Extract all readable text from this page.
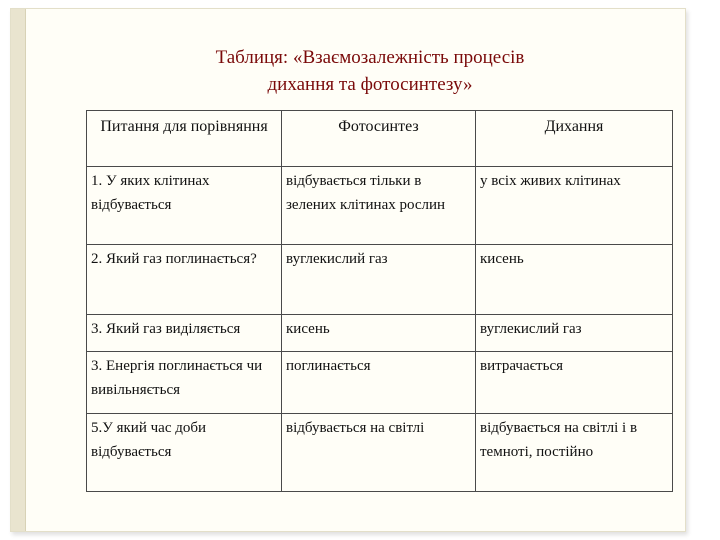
Таблиця: «Взаємозалежність процесів
дихання та фотосинтезу»
Питання для порівняння	Фотосинтез	Дихання
1. У яких клітинах відбувається	відбувається тільки в зелених клітинах рослин	у всіх живих клітинах
2. Який газ поглинається?	вуглекислий газ	кисень
3. Який газ виділяється	кисень	вуглекислий газ
3. Енергія поглинається чи вивільняється	поглинається	витрачається
5.У який час доби відбувається	відбувається на світлі	відбувається на світлі і в темноті, постійно
